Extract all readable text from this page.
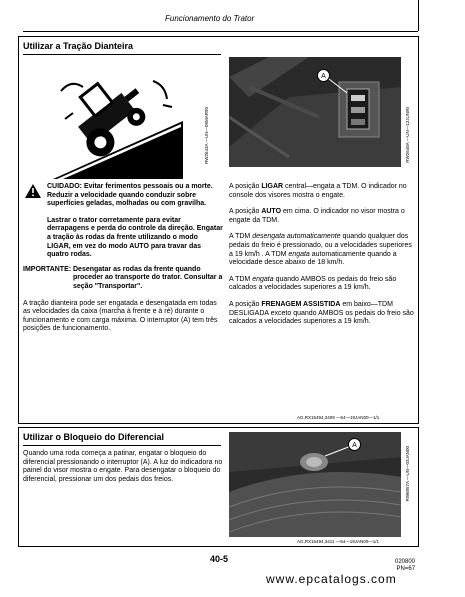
Funcionamento do Trator
Utilizar a Tração Dianteira
RW2643A —UN—09MAR90
A
RW2648A —UN—12JUN90
CUIDADO: Evitar ferimentos pessoais ou a morte. Reduzir a velocidade quando conduzir sobre superfícies geladas, molhadas ou com gravilha.
Lastrar o trator corretamente para evitar derrapagens e perda do controle da direção. Engatar a tração às rodas da frente utilizando o modo LIGAR, em vez do modo AUTO para travar das quatro rodas.
IMPORTANTE: Desengatar as rodas da frente quando proceder ao transporte do trator. Consultar a seção "Transportar".

A tração dianteira pode ser engatada e desengatada em todas as velocidades da caixa (marcha à frente e à ré) durante o funcionamento e com carga máxima. O interruptor (A) tem três posições de funcionamento.

A posição LIGAR central—engata a TDM. O indicador no console dos visores mostra o engate.

A posição AUTO em cima. O indicador no visor mostra o engate da TDM.

A TDM desengata automaticamente quando qualquer dos pedais do freio é pressionado, ou a velocidades superiores a 19 km/h . A TDM engata automaticamente quando a velocidade desce abaixo de 18 km/h.

A TDM engata quando AMBOS os pedais do freio são calcados a velocidades superiores a 19 km/h.

A posição FRENAGEM ASSISTIDA em baixo—TDM DESLIGADA exceto quando AMBOS os pedais do freio são calcados a velocidades superiores a 19 km/h.

AG,RX15494,3409 —54—19JAN00—1/1
Utilizar o Bloqueio do Diferencial
Quando uma roda começa a patinar, engatar o bloqueio do diferencial pressionando o interruptor (A). A luz do indicadora no painel do visor mostra o engate. Para desengatar o bloqueio do diferencial, pressionar um dos pedais dos freios.
A
RW6857A —UN—03JAN00
AG,RX15494,3411 —54—19JAN00—1/1
40-5	020800
PN=67
www.epcatalogs.com
